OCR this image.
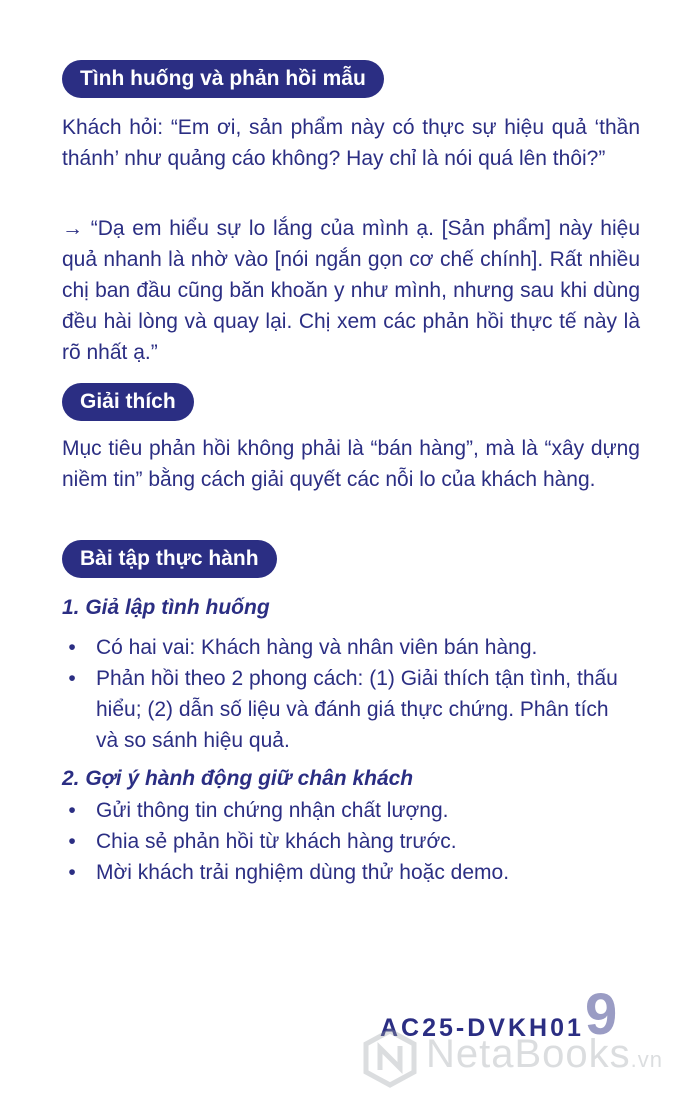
Tình huống và phản hồi mẫu

Khách hỏi: “Em ơi, sản phẩm này có thực sự hiệu quả ‘thần thánh’ như quảng cáo không? Hay chỉ là nói quá lên thôi?”

→ “Dạ em hiểu sự lo lắng của mình ạ. [Sản phẩm] này hiệu quả nhanh là nhờ vào [nói ngắn gọn cơ chế chính]. Rất nhiều chị ban đầu cũng băn khoăn y như mình, nhưng sau khi dùng đều hài lòng và quay lại. Chị xem các phản hồi thực tế này là rõ nhất ạ.”

Giải thích

Mục tiêu phản hồi không phải là “bán hàng”, mà là “xây dựng niềm tin” bằng cách giải quyết các nỗi lo của khách hàng.

Bài tập thực hành
1. Giả lập tình huống
• Có hai vai: Khách hàng và nhân viên bán hàng.
• Phản hồi theo 2 phong cách: (1) Giải thích tận tình, thấu hiểu; (2) dẫn số liệu và đánh giá thực chứng. Phân tích và so sánh hiệu quả.
2. Gợi ý hành động giữ chân khách
• Gửi thông tin chứng nhận chất lượng.
• Chia sẻ phản hồi từ khách hàng trước.
• Mời khách trải nghiệm dùng thử hoặc demo.
AC25-DVKH01 9
NetaBooks.vn
